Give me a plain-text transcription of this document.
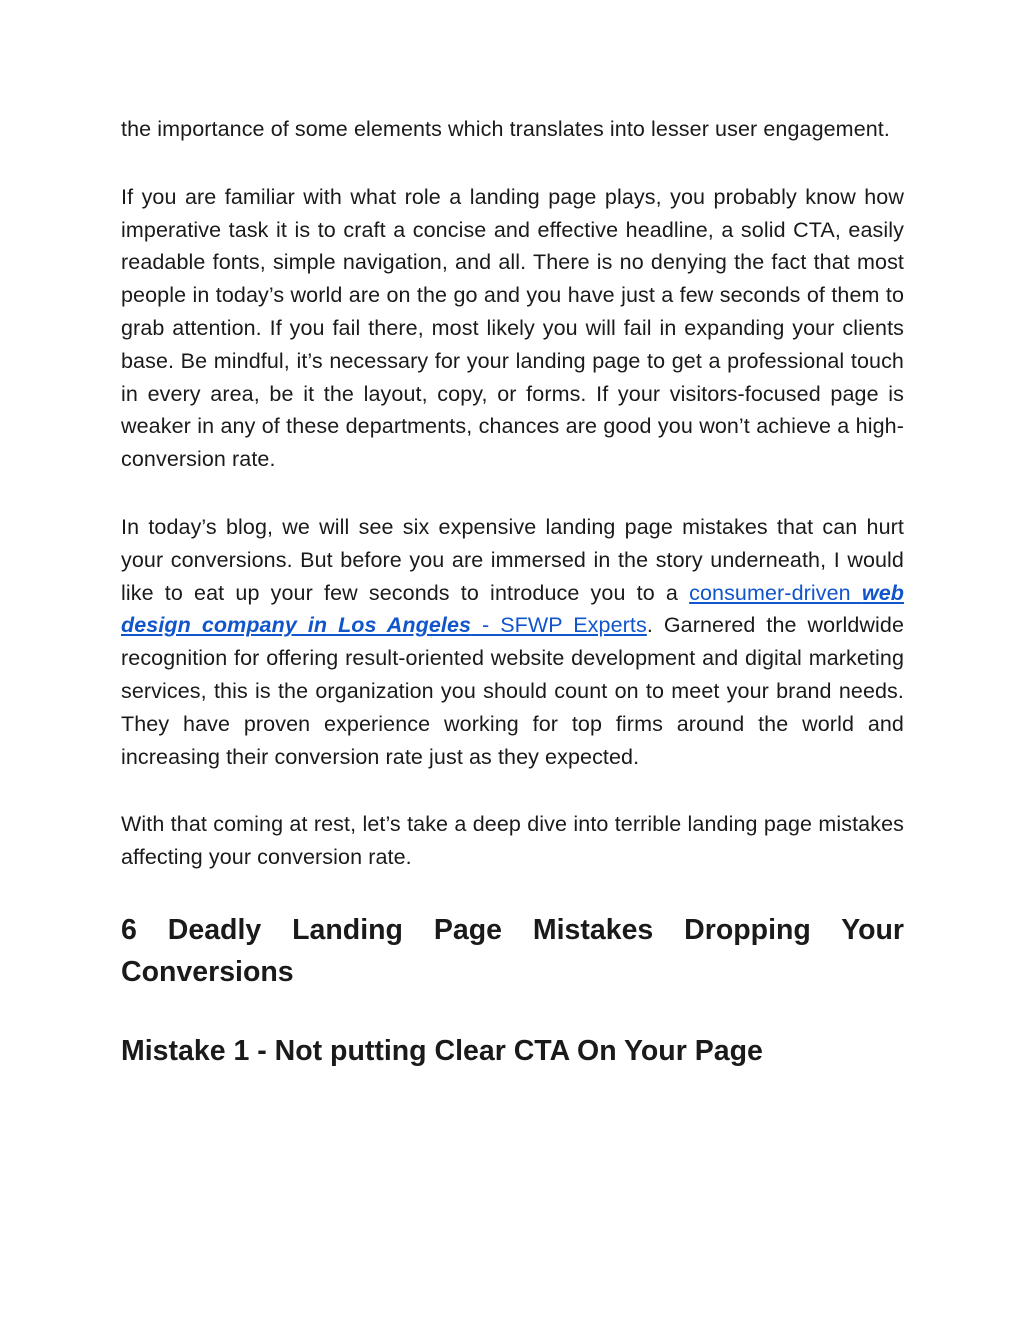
the importance of some elements which translates into lesser user engagement.

If you are familiar with what role a landing page plays, you probably know how imperative task it is to craft a concise and effective headline, a solid CTA, easily readable fonts, simple navigation, and all. There is no denying the fact that most people in today’s world are on the go and you have just a few seconds of them to grab attention. If you fail there, most likely you will fail in expanding your clients base. Be mindful, it’s necessary for your landing page to get a professional touch in every area, be it the layout, copy, or forms. If your visitors-focused page is weaker in any of these departments, chances are good you won’t achieve a high-conversion rate.

In today’s blog, we will see six expensive landing page mistakes that can hurt your conversions. But before you are immersed in the story underneath, I would like to eat up your few seconds to introduce you to a consumer-driven web design company in Los Angeles - SFWP Experts. Garnered the worldwide recognition for offering result-oriented website development and digital marketing services, this is the organization you should count on to meet your brand needs. They have proven experience working for top firms around the world and increasing their conversion rate just as they expected.

With that coming at rest, let’s take a deep dive into terrible landing page mistakes affecting your conversion rate.

6 Deadly Landing Page Mistakes Dropping Your Conversions
Mistake 1 - Not putting Clear CTA On Your Page
